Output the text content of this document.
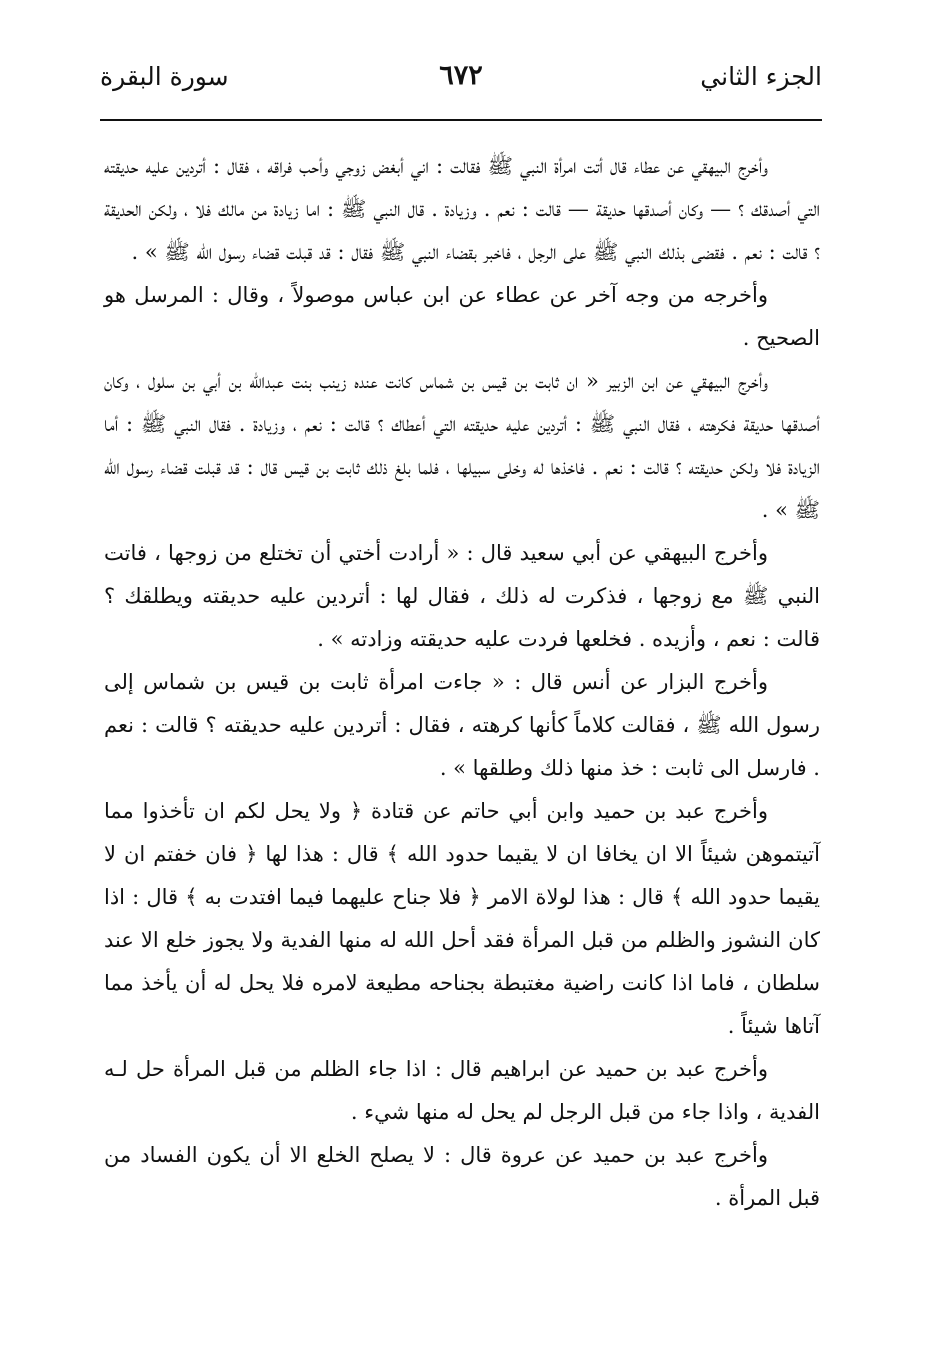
الجزء الثاني
٦٧٢
سورة البقرة

وأخرج البيهقي عن عطاء قال أتت امرأة النبي ﷺ فقالت : اني أبغض زوجي وأحب فراقه ، فقال : أتردين عليه حديقته التي أصدقك ؟ — وكان أصدقها حديقة — قالت : نعم . وزيادة . قال النبي ﷺ : اما زيادة من مالك فلا ، ولكن الحديقة ؟ قالت : نعم . فقضى بذلك النبي ﷺ على الرجل ، فاخبر بقضاء النبي ﷺ فقال : قد قبلت قضاء رسول الله ﷺ » .

وأخرجه من وجه آخر عن عطاء عن ابن عباس موصولاً ، وقال : المرسل هو الصحيح .

وأخرج البيهقي عن ابن الزبير « ان ثابت بن قيس بن شماس كانت عنده زينب بنت عبدالله بن أبي بن سلول ، وكان أصدقها حديقة فكرهته ، فقال النبي ﷺ : أتردين عليه حديقته التي أعطاك ؟ قالت : نعم ، وزيادة . فقال النبي ﷺ : أما الزيادة فلا ولكن حديقته ؟ قالت : نعم . فاخذها له وخلى سبيلها ، فلما بلغ ذلك ثابت بن قيس قال : قد قبلت قضاء رسول الله ﷺ » .

وأخرج البيهقي عن أبي سعيد قال : « أرادت أختي أن تختلع من زوجها ، فاتت النبي ﷺ مع زوجها ، فذكرت له ذلك ، فقال لها : أتردين عليه حديقته ويطلقك ؟ قالت : نعم ، وأزيده . فخلعها فردت عليه حديقته وزادته » .

وأخرج البزار عن أنس قال : « جاءت امرأة ثابت بن قيس بن شماس إلى رسول الله ﷺ ، فقالت كلاماً كأنها كرهته ، فقال : أتردين عليه حديقته ؟ قالت : نعم . فارسل الى ثابت : خذ منها ذلك وطلقها » .

وأخرج عبد بن حميد وابن أبي حاتم عن قتادة ﴿ ولا يحل لكم ان تأخذوا مما آتيتموهن شيئاً الا ان يخافا ان لا يقيما حدود الله ﴾ قال : هذا لها ﴿ فان خفتم ان لا يقيما حدود الله ﴾ قال : هذا لولاة الامر ﴿ فلا جناح عليهما فيما افتدت به ﴾ قال : اذا كان النشوز والظلم من قبل المرأة فقد أحل الله له منها الفدية ولا يجوز خلع الا عند سلطان ، فاما اذا كانت راضية مغتبطة بجناحه مطيعة لامره فلا يحل له أن يأخذ مما آتاها شيئاً .

وأخرج عبد بن حميد عن ابراهيم قال : اذا جاء الظلم من قبل المرأة حل لـه الفدية ، واذا جاء من قبل الرجل لم يحل له منها شيء .

وأخرج عبد بن حميد عن عروة قال : لا يصلح الخلع الا أن يكون الفساد من قبل المرأة .
